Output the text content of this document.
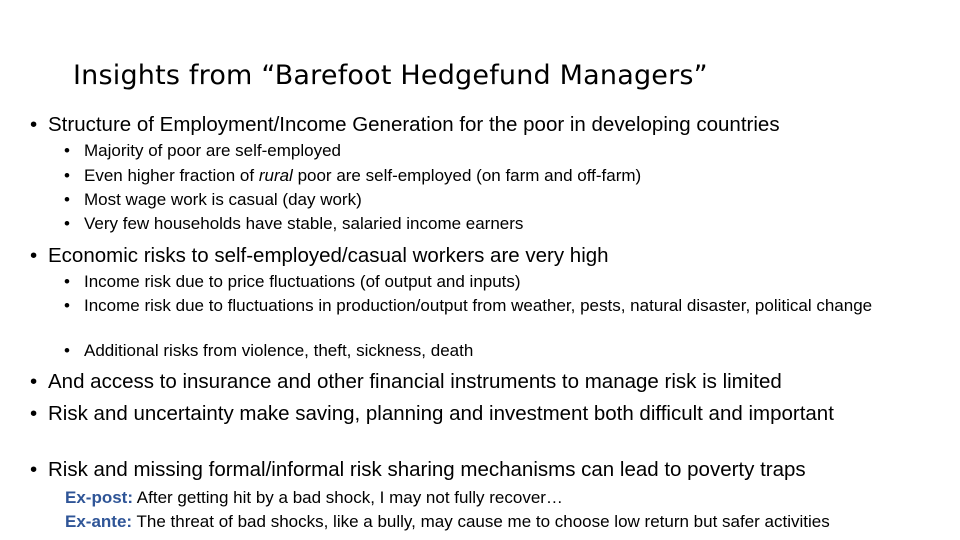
Insights from “Barefoot Hedgefund Managers”
• Structure of Employment/Income Generation for the poor in developing countries
• Majority of poor are self-employed
• Even higher fraction of rural poor are self-employed (on farm and off-farm)
• Most wage work is casual (day work)
• Very few households have stable, salaried income earners
• Economic risks to self-employed/casual workers are very high
• Income risk due to price fluctuations (of output and inputs)
• Income risk due to fluctuations in production/output from weather, pests, natural disaster, political change
• Additional risks from violence, theft, sickness, death
• And access to insurance and other financial instruments to manage risk is limited
• Risk and uncertainty make saving, planning and investment both difficult and important
• Risk and missing formal/informal risk sharing mechanisms can lead to poverty traps
Ex-post: After getting hit by a bad shock, I may not fully recover…
Ex-ante: The threat of bad shocks, like a bully, may cause me to choose low return but safer activities
